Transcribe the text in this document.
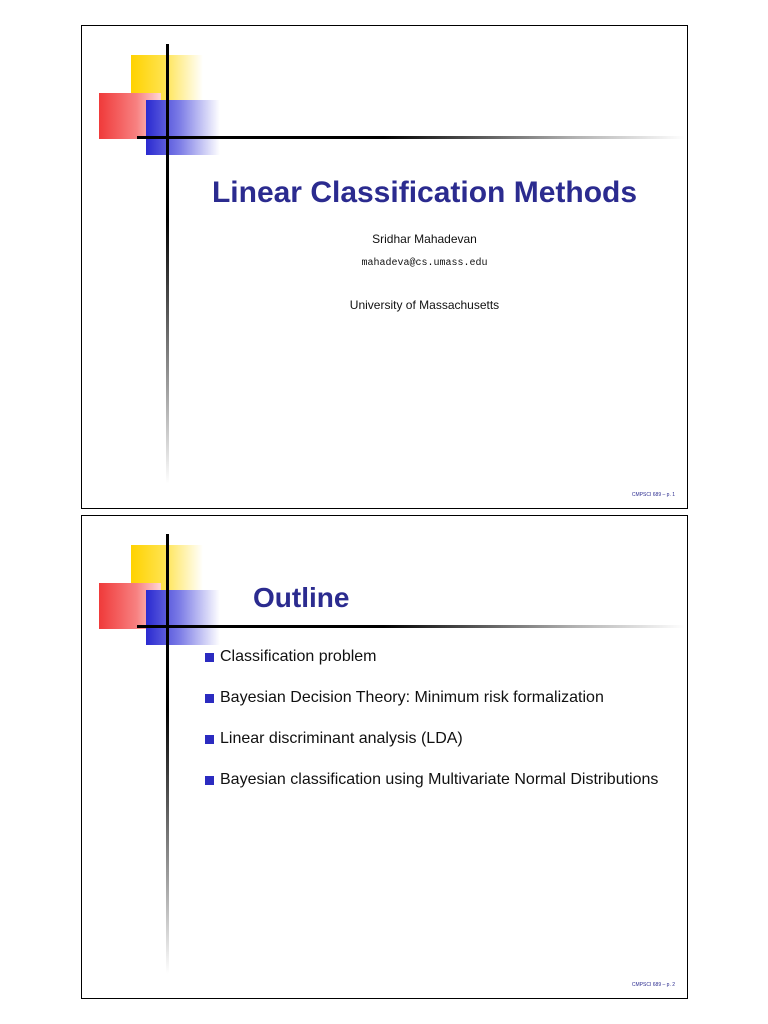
Linear Classification Methods
Sridhar Mahadevan
mahadeva@cs.umass.edu
University of Massachusetts
CMPSCI 689 – p. 1
Outline
Classification problem
Bayesian Decision Theory: Minimum risk formalization
Linear discriminant analysis (LDA)
Bayesian classification using Multivariate Normal Distributions
CMPSCI 689 – p. 2
